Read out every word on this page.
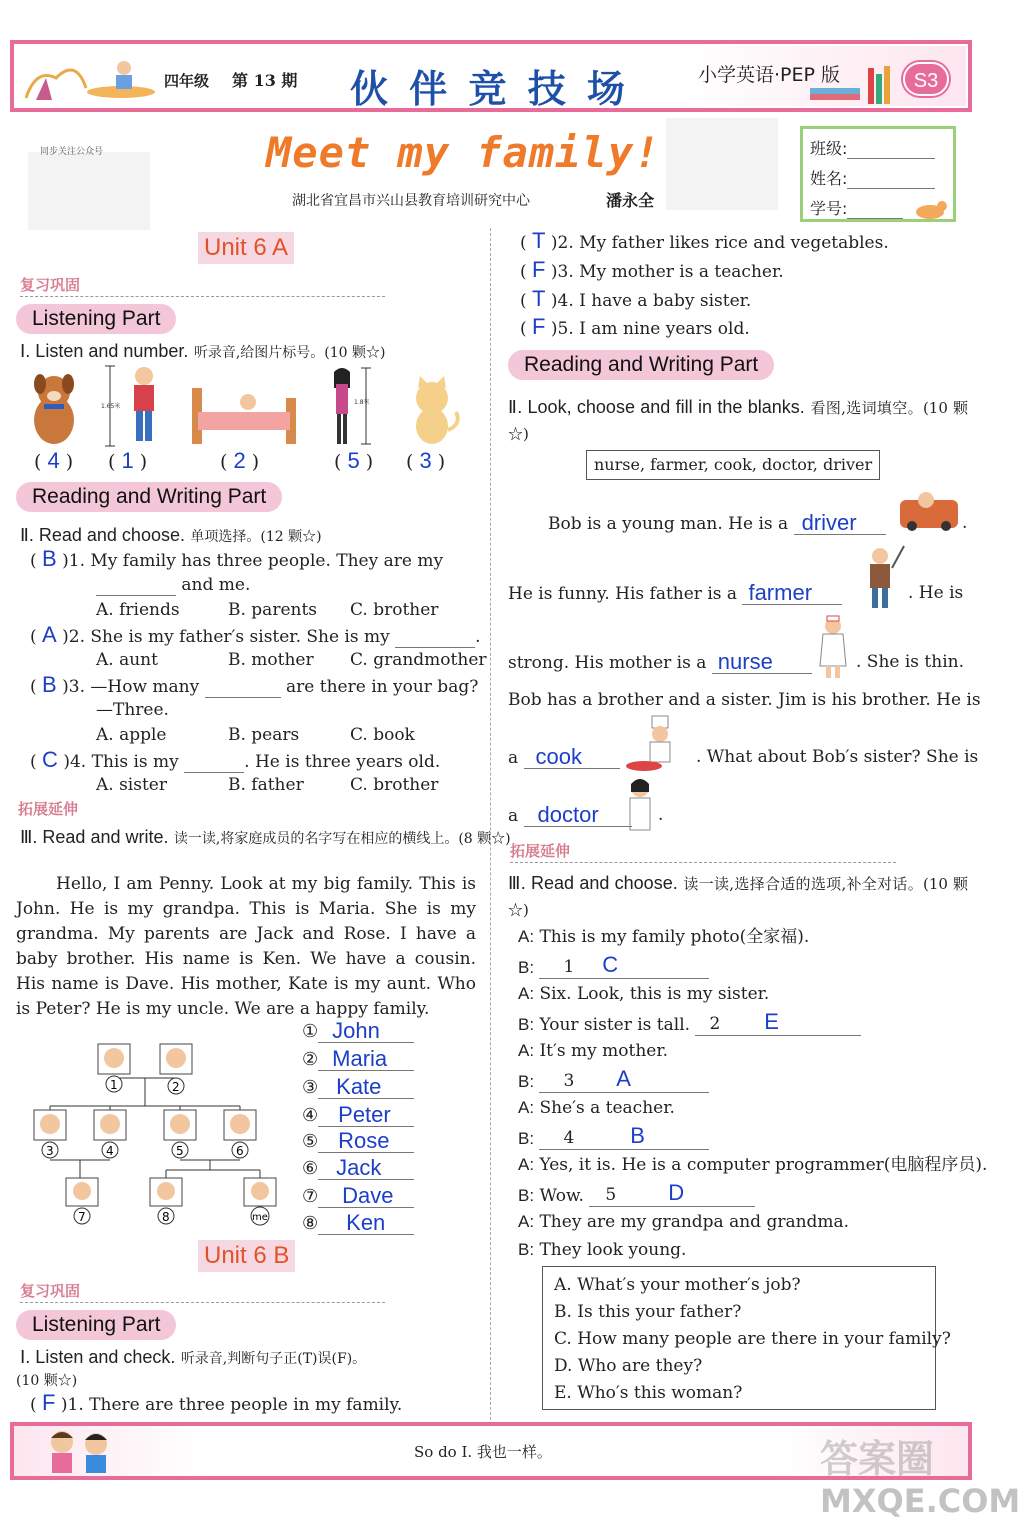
四年级 第 13 期 伙 伴 竞 技 场	小学英语·PEP 版	S3
同步关注公众号	Meet my family!
湖北省宜昌市兴山县教育培训研究中心	潘永全
班级:
姓名:
学号:
Unit 6 A
复习巩固
Listening Part
Ⅰ. Listen and number. 听录音,给图片标号。(10 颗☆)
1.65米
1.8米
( 4 ) ( 1 )	( 2 )	( 5 ) ( 3 )
Reading and Writing Part
Ⅱ. Read and choose. 单项选择。(12 颗☆)
( B )1. My family has three people. They are my
and me.
A. friends	B. parents C. brother
( A )2. She is my father′s sister. She is my	.
A. aunt	B. mother C. grandmother
( B )3. —How many	are there in your bag?
—Three.
A. apple	B. pears	C. book
( C )4. This is my	. He is three years old.
A. sister	B. father	C. brother
拓展延伸
Ⅲ. Read and write. 读一读,将家庭成员的名字写在相应的横线上。(8 颗☆)
Hello, I am Penny. Look at my big family. This is John. He is my grandpa. This is Maria. She is my grandma. My parents are Jack and Rose. I have a baby brother. His name is Ken. We have a cousin. His name is Dave. His mother, Kate is my aunt. Who is Peter? He is my uncle. We are a happy family.
1	2
3	4	5	6
7	8	me
① John
② Maria
③ Kate
④ Peter
⑤ Rose
⑥ Jack
⑦ Dave
⑧ Ken
Unit 6 B
复习巩固
Listening Part
Ⅰ. Listen and check. 听录音,判断句子正(T)误(F)。
(10 颗☆)
( F )1. There are three people in my family.
( T )2. My father likes rice and vegetables.
( F )3. My mother is a teacher.
( T )4. I have a baby sister.
( F )5. I am nine years old.
Reading and Writing Part
Ⅱ. Look, choose and fill in the blanks. 看图,选词填空。(10 颗☆)
nurse, farmer, cook, doctor, driver
Bob is a young man. He is a driver	.
He is funny. His father is a farmer	. He is
strong. His mother is a nurse	. She is thin.
Bob has a brother and a sister. Jim is his brother. He is
a cook	. What about Bob′s sister? She is
a doctor	.
拓展延伸
Ⅲ. Read and choose. 读一读,选择合适的选项,补全对话。(10 颗☆)
A: This is my family photo(全家福).
B: 1 C
A: Six. Look, this is my sister.
B: Your sister is tall. 2 E
A: It′s my mother.
B: 3 A
A: She′s a teacher.
B: 4	B
A: Yes, it is. He is a computer programmer(电脑程序员).
B: Wow. 5 D
A: They are my grandpa and grandma.
B: They look young.
A. What′s your mother′s job?
B. Is this your father?
C. How many people are there in your family?
D. Who are they?
E. Who′s this woman?
So do I. 我也一样。	答案圈
MXQE.COM
